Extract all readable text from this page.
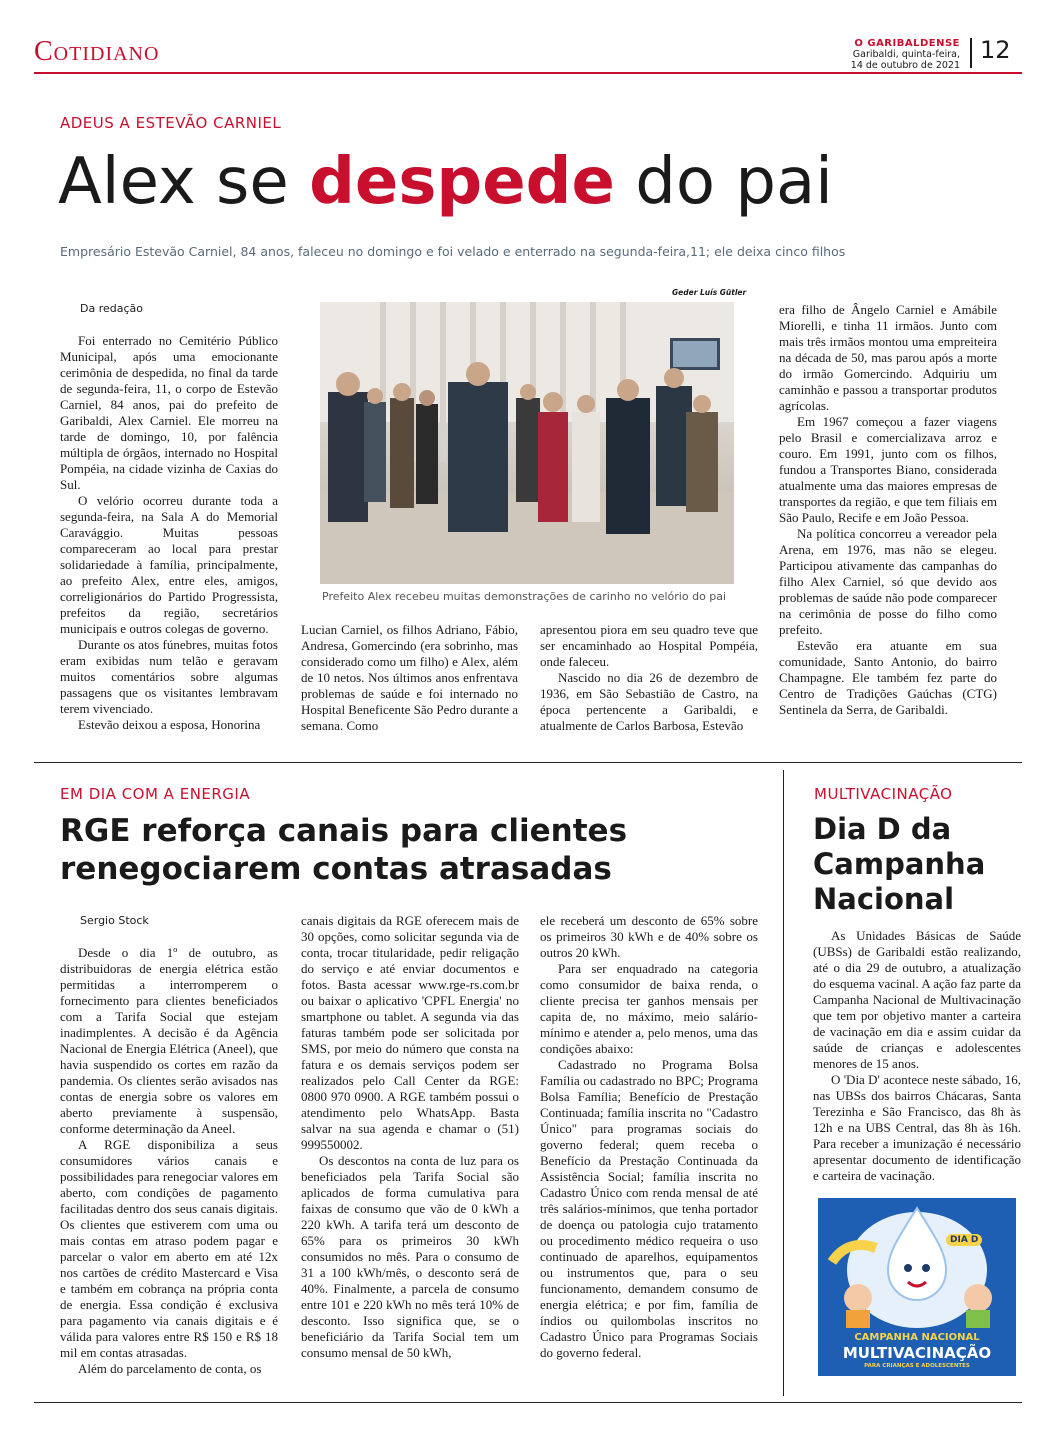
Cotidiano	O GARIBALDENSE
Garibaldi, quinta-feira,
14 de outubro de 2021
12
ADEUS A ESTEVÃO CARNIEL
Alex se despede do pai
Empresário Estevão Carniel, 84 anos, faleceu no domingo e foi velado e enterrado na segunda-feira,11; ele deixa cinco filhos
Da redação

Foi enterrado no Cemitério Público Municipal, após uma emocionante cerimônia de despedida, no final da tarde de segunda-feira, 11, o corpo de Estevão Carniel, 84 anos, pai do prefeito de Garibaldi, Alex Carniel. Ele morreu na tarde de domingo, 10, por falência múltipla de órgãos, internado no Hospital Pompéia, na cidade vizinha de Caxias do Sul.

O velório ocorreu durante toda a segunda-feira, na Sala A do Memorial Caravággio. Muitas pessoas compareceram ao local para prestar solidariedade à família, principalmente, ao prefeito Alex, entre eles, amigos, correligionários do Partido Progressista, prefeitos da região, secretários municipais e outros colegas de governo.

Durante os atos fúnebres, muitas fotos eram exibidas num telão e geravam muitos comentários sobre algumas passagens que os visitantes lembravam terem vivenciado.

Estevão deixou a esposa, Honorina

Geder Luís Gütler
Prefeito Alex recebeu muitas demonstrações de carinho no velório do pai

Lucian Carniel, os filhos Adriano, Fábio, Andresa, Gomercindo (era sobrinho, mas considerado como um filho) e Alex, além de 10 netos. Nos últimos anos enfrentava problemas de saúde e foi internado no Hospital Beneficente São Pedro durante a semana. Como

apresentou piora em seu quadro teve que ser encaminhado ao Hospital Pompéia, onde faleceu.

Nascido no dia 26 de dezembro de 1936, em São Sebastião de Castro, na época pertencente a Garibaldi, e atualmente de Carlos Barbosa, Estevão

era filho de Ângelo Carniel e Amábile Miorelli, e tinha 11 irmãos. Junto com mais três irmãos montou uma empreiteira na década de 50, mas parou após a morte do irmão Gomercindo. Adquiriu um caminhão e passou a transportar produtos agrícolas.

Em 1967 começou a fazer viagens pelo Brasil e comercializava arroz e couro. Em 1991, junto com os filhos, fundou a Transportes Biano, considerada atualmente uma das maiores empresas de transportes da região, e que tem filiais em São Paulo, Recife e em João Pessoa.

Na política concorreu a vereador pela Arena, em 1976, mas não se elegeu. Participou ativamente das campanhas do filho Alex Carniel, só que devido aos problemas de saúde não pode comparecer na cerimônia de posse do filho como prefeito.

Estevão era atuante em sua comunidade, Santo Antonio, do bairro Champagne. Ele também fez parte do Centro de Tradições Gaúchas (CTG) Sentinela da Serra, de Garibaldi.

EM DIA COM A ENERGIA
RGE reforça canais para clientes
renegociarem contas atrasadas
Sergio Stock

Desde o dia 1º de outubro, as distribuidoras de energia elétrica estão permitidas a interromperem o fornecimento para clientes beneficiados com a Tarifa Social que estejam inadimplentes. A decisão é da Agência Nacional de Energia Elétrica (Aneel), que havia suspendido os cortes em razão da pandemia. Os clientes serão avisados nas contas de energia sobre os valores em aberto previamente à suspensão, conforme determinação da Aneel.

A RGE disponibiliza a seus consumidores vários canais e possibilidades para renegociar valores em aberto, com condições de pagamento facilitadas dentro dos seus canais digitais. Os clientes que estiverem com uma ou mais contas em atraso podem pagar e parcelar o valor em aberto em até 12x nos cartões de crédito Mastercard e Visa e também em cobrança na própria conta de energia. Essa condição é exclusiva para pagamento via canais digitais e é válida para valores entre R$ 150 e R$ 18 mil em contas atrasadas.

Além do parcelamento de conta, os

canais digitais da RGE oferecem mais de 30 opções, como solicitar segunda via de conta, trocar titularidade, pedir religação do serviço e até enviar documentos e fotos. Basta acessar www.rge-rs.com.br ou baixar o aplicativo 'CPFL Energia' no smartphone ou tablet. A segunda via das faturas também pode ser solicitada por SMS, por meio do número que consta na fatura e os demais serviços podem ser realizados pelo Call Center da RGE: 0800 970 0900. A RGE também possui o atendimento pelo WhatsApp. Basta salvar na sua agenda e chamar o (51) 999550002.

Os descontos na conta de luz para os beneficiados pela Tarifa Social são aplicados de forma cumulativa para faixas de consumo que vão de 0 kWh a 220 kWh. A tarifa terá um desconto de 65% para os primeiros 30 kWh consumidos no mês. Para o consumo de 31 a 100 kWh/mês, o desconto será de 40%. Finalmente, a parcela de consumo entre 101 e 220 kWh no mês terá 10% de desconto. Isso significa que, se o beneficiário da Tarifa Social tem um consumo mensal de 50 kWh,

ele receberá um desconto de 65% sobre os primeiros 30 kWh e de 40% sobre os outros 20 kWh.

Para ser enquadrado na categoria como consumidor de baixa renda, o cliente precisa ter ganhos mensais per capita de, no máximo, meio salário-mínimo e atender a, pelo menos, uma das condições abaixo:

Cadastrado no Programa Bolsa Família ou cadastrado no BPC; Programa Bolsa Família; Benefício de Prestação Continuada; família inscrita no "Cadastro Único" para programas sociais do governo federal; quem receba o Benefício da Prestação Continuada da Assistência Social; família inscrita no Cadastro Único com renda mensal de até três salários-mínimos, que tenha portador de doença ou patologia cujo tratamento ou procedimento médico requeira o uso continuado de aparelhos, equipamentos ou instrumentos que, para o seu funcionamento, demandem consumo de energia elétrica; e por fim, família de índios ou quilombolas inscritos no Cadastro Único para Programas Sociais do governo federal.

MULTIVACINAÇÃO
Dia D da
Campanha
Nacional

As Unidades Básicas de Saúde (UBSs) de Garibaldi estão realizando, até o dia 29 de outubro, a atualização do esquema vacinal. A ação faz parte da Campanha Nacional de Multivacinação que tem por objetivo manter a carteira de vacinação em dia e assim cuidar da saúde de crianças e adolescentes menores de 15 anos.

O 'Dia D' acontece neste sábado, 16, nas UBSs dos bairros Chácaras, Santa Terezinha e São Francisco, das 8h às 12h e na UBS Central, das 8h às 16h. Para receber a imunização é necessário apresentar documento de identificação e carteira de vacinação.

DIA D
CAMPANHA NACIONAL
MULTIVACINAÇÃO
PARA CRIANÇAS E ADOLESCENTES
